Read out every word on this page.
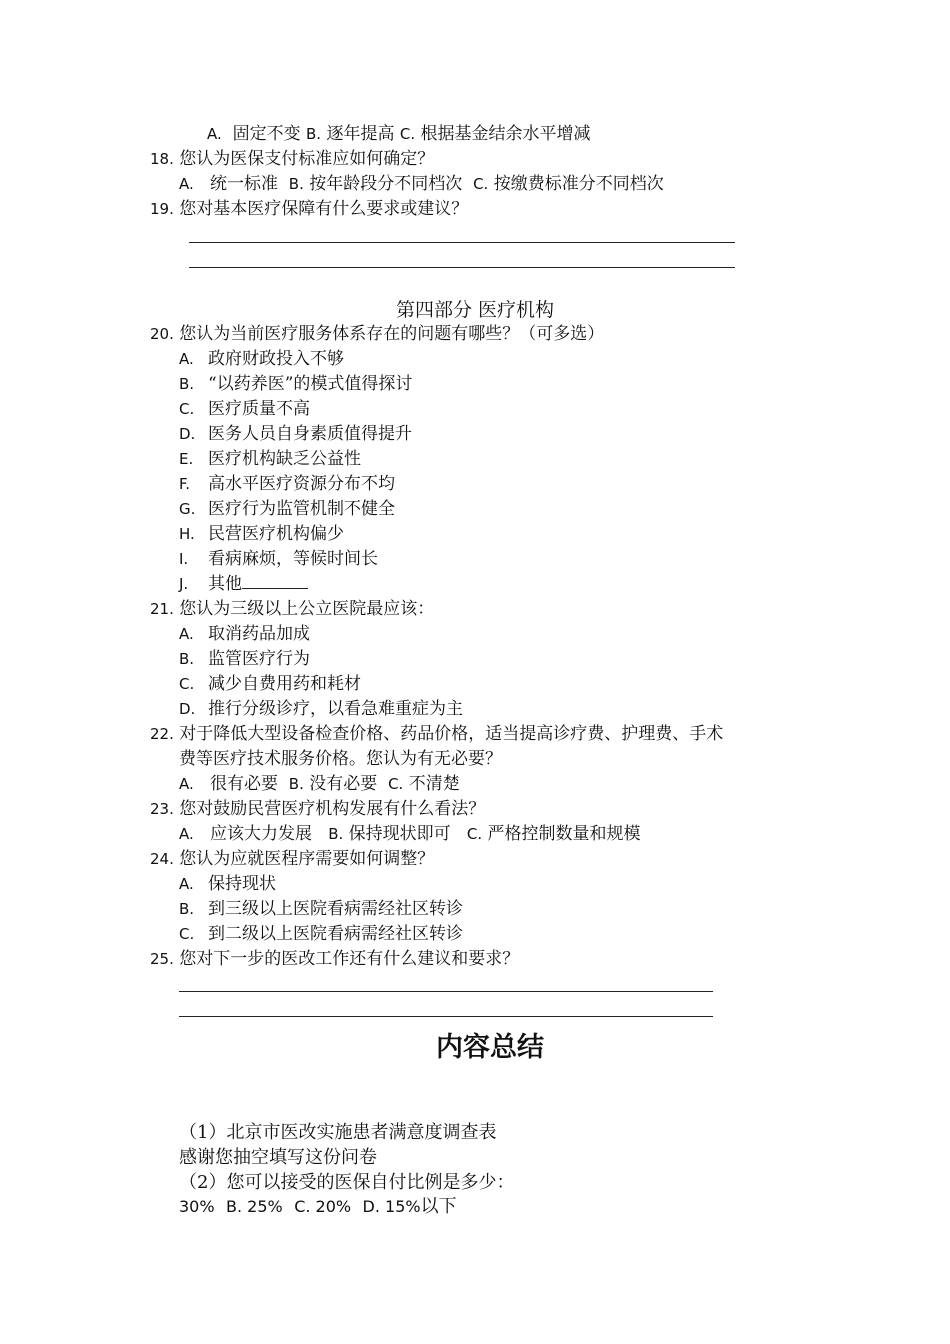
A. 固定不变 B. 逐年提高 C. 根据基金结余水平增减
18. 您认为医保支付标准应如何确定？
A. 统一标准 B. 按年龄段分不同档次 C. 按缴费标准分不同档次
19. 您对基本医疗保障有什么要求或建议？
第四部分 医疗机构
20. 您认为当前医疗服务体系存在的问题有哪些？（可多选）
A. 政府财政投入不够
B. “以药养医”的模式值得探讨
C. 医疗质量不高
D. 医务人员自身素质值得提升
E. 医疗机构缺乏公益性
F. 高水平医疗资源分布不均
G. 医疗行为监管机制不健全
H. 民营医疗机构偏少
I. 看病麻烦，等候时间长
J. 其他
21. 您认为三级以上公立医院最应该：
A. 取消药品加成
B. 监管医疗行为
C. 减少自费用药和耗材
D. 推行分级诊疗，以看急难重症为主
22. 对于降低大型设备检查价格、药品价格，适当提高诊疗费、护理费、手术
费等医疗技术服务价格。您认为有无必要？
A. 很有必要 B. 没有必要 C. 不清楚
23. 您对鼓励民营医疗机构发展有什么看法？
A. 应该大力发展 B. 保持现状即可 C. 严格控制数量和规模
24. 您认为应就医程序需要如何调整？
A. 保持现状
B. 到三级以上医院看病需经社区转诊
C. 到二级以上医院看病需经社区转诊
25. 您对下一步的医改工作还有什么建议和要求？
内容总结
（1）北京市医改实施患者满意度调查表
感谢您抽空填写这份问卷
（2）您可以接受的医保自付比例是多少：
30% B. 25% C. 20% D. 15%以下
